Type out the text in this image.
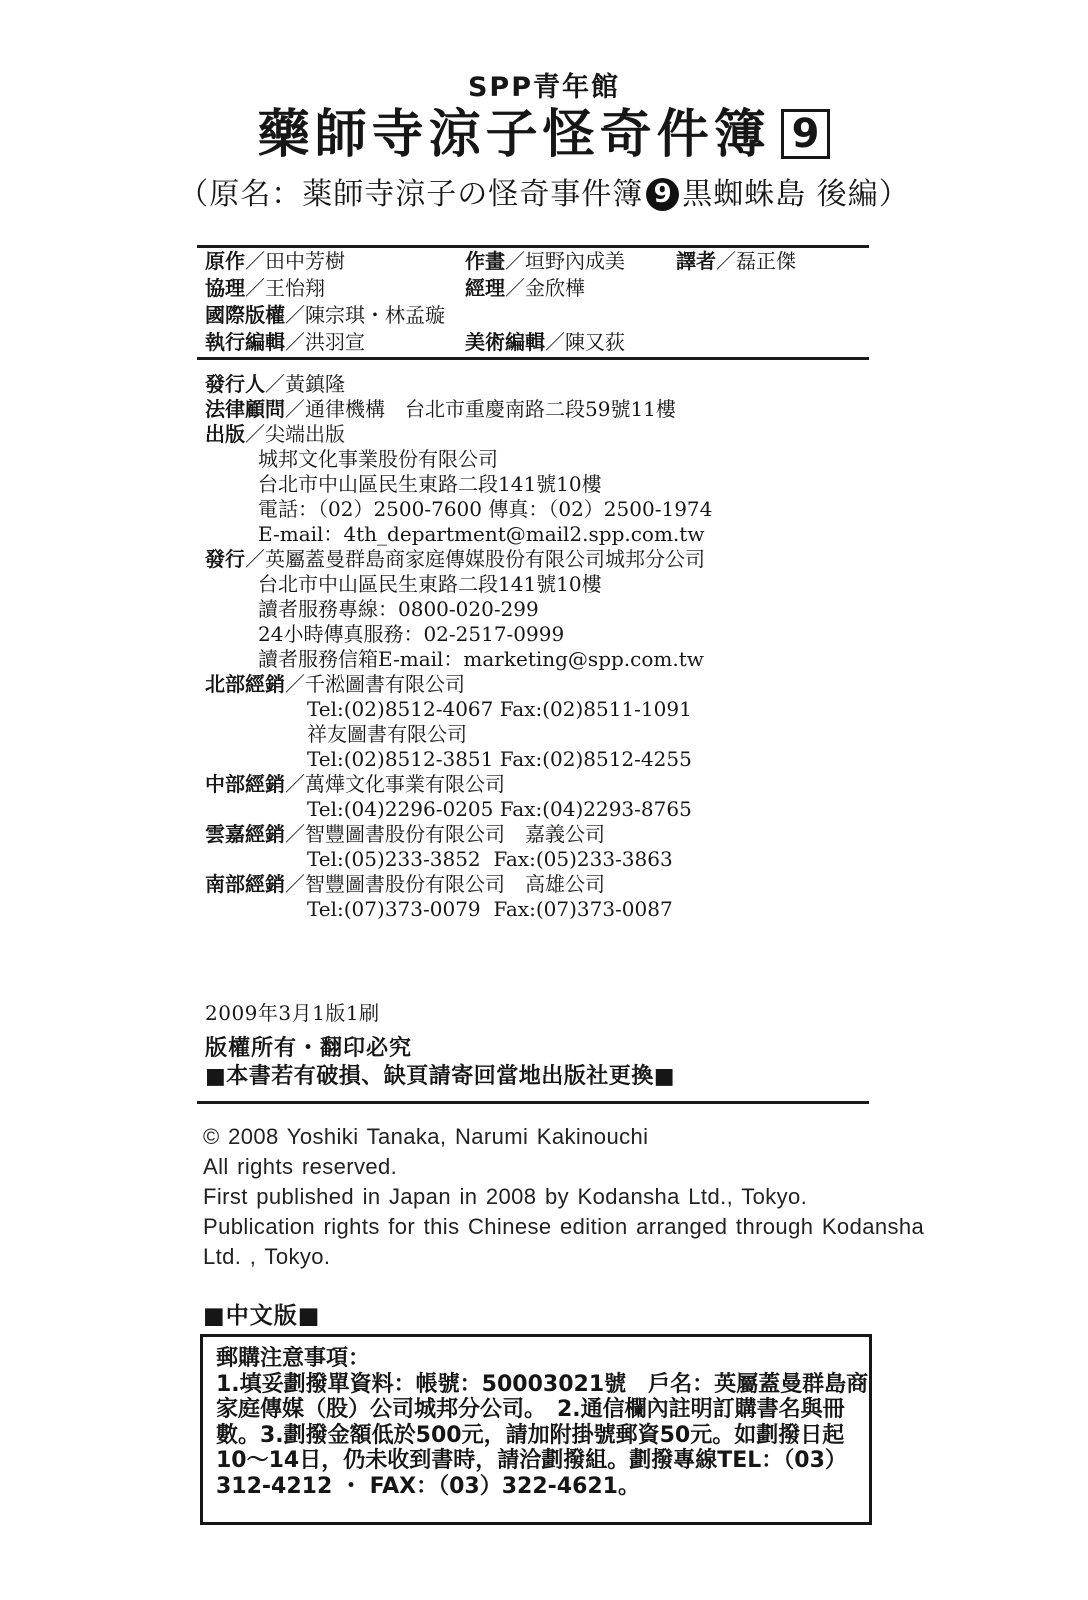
SPP青年館
藥師寺涼子怪奇件簿 9
（原名：薬師寺涼子の怪奇事件簿 9 黒蜘蛛島 後編）
原作／田中芳樹	作畫／垣野內成美	譯者／磊正傑
協理／王怡翔	經理／金欣樺
國際版權／陳宗琪・林孟璇
執行編輯／洪羽宣	美術編輯／陳又荻
發行人／黃鎮隆
法律顧問／通律機構　台北市重慶南路二段59號11樓
出版／尖端出版
城邦文化事業股份有限公司
台北市中山區民生東路二段141號10樓
電話：（02）2500-7600 傳真：（02）2500-1974
E-mail：4th_department@mail2.spp.com.tw
發行／英屬蓋曼群島商家庭傳媒股份有限公司城邦分公司
台北市中山區民生東路二段141號10樓
讀者服務專線：0800-020-299
24小時傳真服務：02-2517-0999
讀者服務信箱E-mail：marketing@spp.com.tw
北部經銷／千淞圖書有限公司
Tel:(02)8512-4067 Fax:(02)8511-1091
祥友圖書有限公司
Tel:(02)8512-3851 Fax:(02)8512-4255
中部經銷／萬燁文化事業有限公司
Tel:(04)2296-0205 Fax:(04)2293-8765
雲嘉經銷／智豐圖書股份有限公司　嘉義公司
Tel:(05)233-3852  Fax:(05)233-3863
南部經銷／智豐圖書股份有限公司　高雄公司
Tel:(07)373-0079  Fax:(07)373-0087
2009年3月1版1刷
版權所有・翻印必究
■本書若有破損、缺頁請寄回當地出版社更換■
© 2008 Yoshiki Tanaka, Narumi Kakinouchi
All rights reserved.
First published in Japan in 2008 by Kodansha Ltd., Tokyo.
Publication rights for this Chinese edition arranged through Kodansha
Ltd. , Tokyo.
■中文版■
郵購注意事項：
1.填妥劃撥單資料：帳號：50003021號　戶名：英屬蓋曼群島商
家庭傳媒（股）公司城邦分公司。　2.通信欄內註明訂購書名與冊
數。3.劃撥金額低於500元，請加附掛號郵資50元。如劃撥日起
10～14日，仍未收到書時，請洽劃撥組。劃撥專線TEL：（03）
312-4212 ・ FAX：（03）322-4621。
